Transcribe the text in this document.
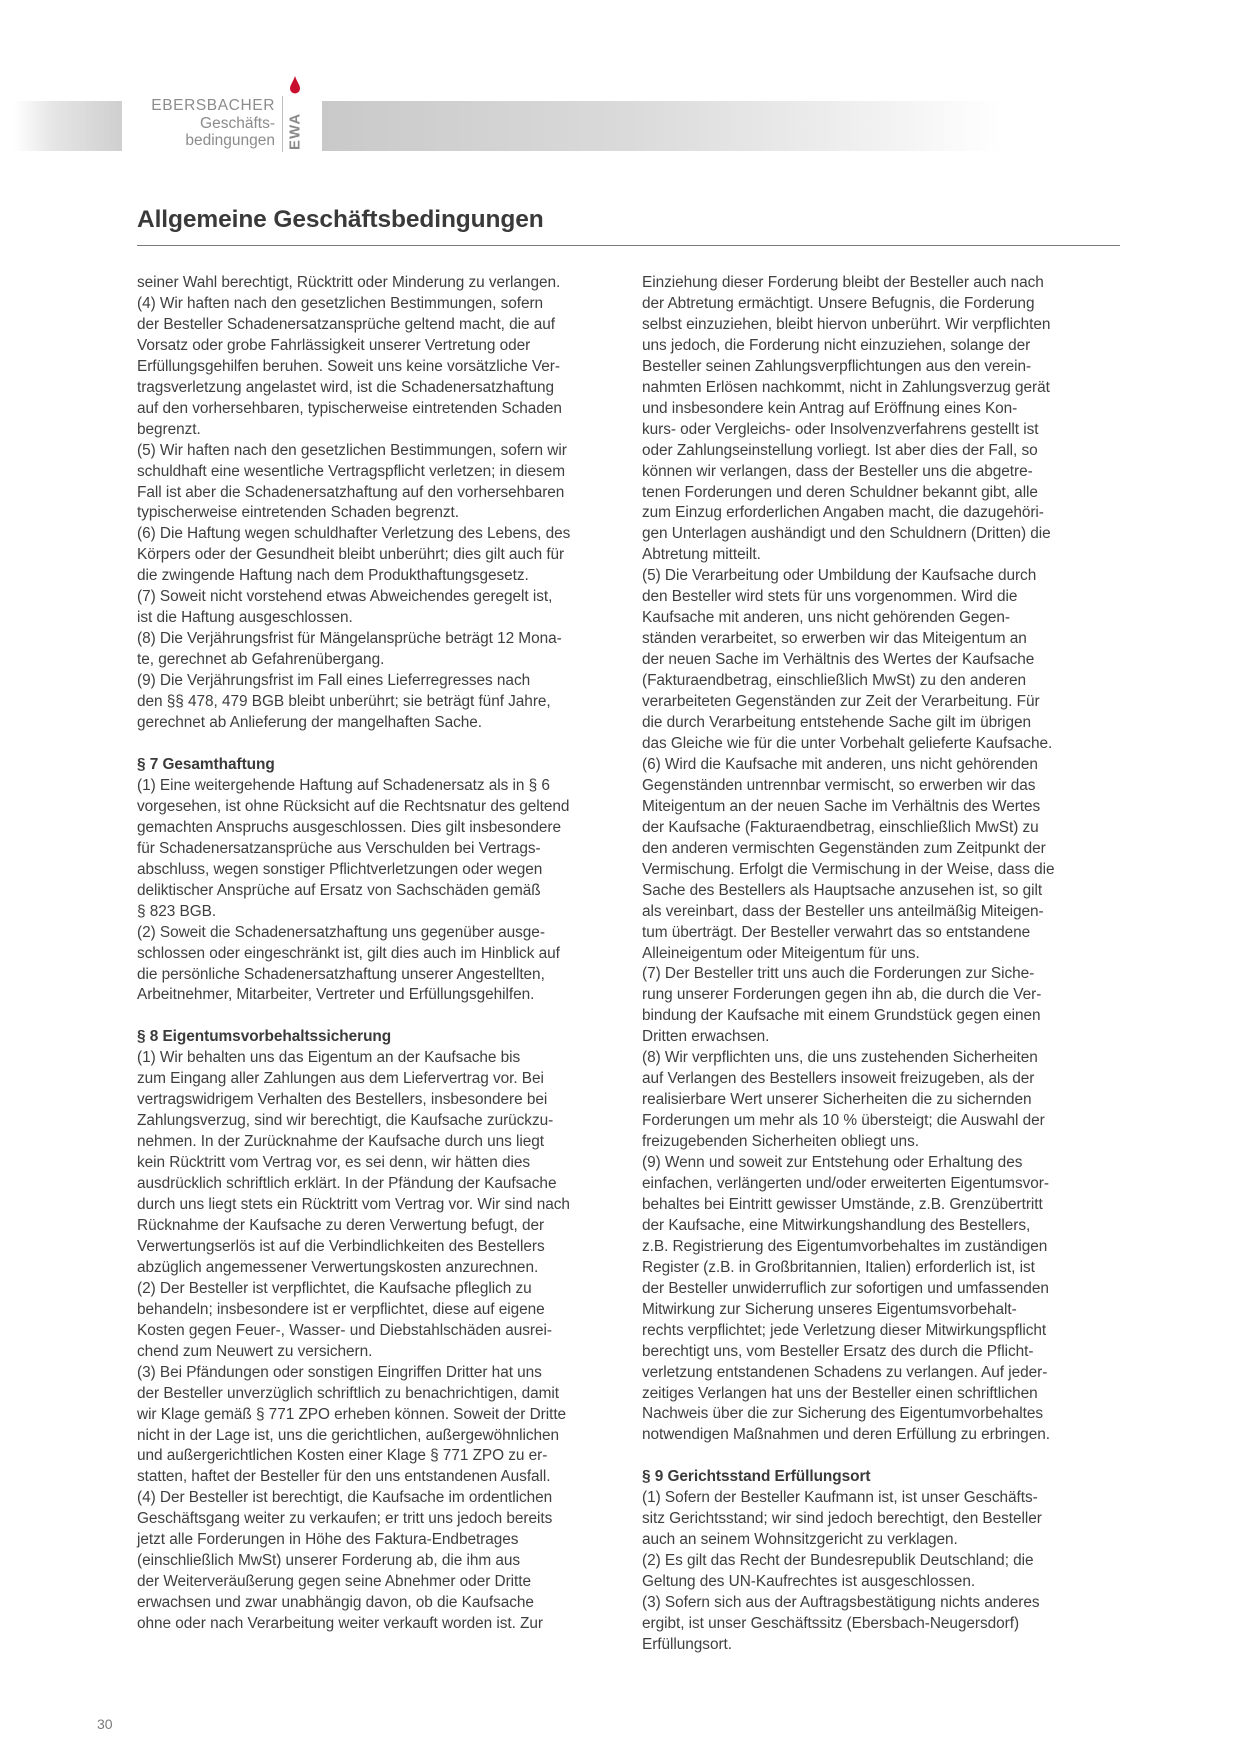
EBERSBACHER
Geschäfts-
bedingungen EWA
Allgemeine Geschäftsbedingungen

seiner Wahl berechtigt, Rücktritt oder Minderung zu verlangen.
(4) Wir haften nach den gesetzlichen Bestimmungen, sofern
der Besteller Schadenersatzansprüche geltend macht, die auf
Vorsatz oder grobe Fahrlässigkeit unserer Vertretung oder
Erfüllungsgehilfen beruhen. Soweit uns keine vorsätzliche Ver-
tragsverletzung angelastet wird, ist die Schadenersatzhaftung
auf den vorhersehbaren, typischerweise eintretenden Schaden
begrenzt.
(5) Wir haften nach den gesetzlichen Bestimmungen, sofern wir
schuldhaft eine wesentliche Vertragspflicht verletzen; in diesem
Fall ist aber die Schadenersatzhaftung auf den vorhersehbaren
typischerweise eintretenden Schaden begrenzt.
(6) Die Haftung wegen schuldhafter Verletzung des Lebens, des
Körpers oder der Gesundheit bleibt unberührt; dies gilt auch für
die zwingende Haftung nach dem Produkthaftungsgesetz.
(7) Soweit nicht vorstehend etwas Abweichendes geregelt ist,
ist die Haftung ausgeschlossen.
(8) Die Verjährungsfrist für Mängelansprüche beträgt 12 Mona-
te, gerechnet ab Gefahrenübergang.
(9) Die Verjährungsfrist im Fall eines Lieferregresses nach
den §§ 478, 479 BGB bleibt unberührt; sie beträgt fünf Jahre,
gerechnet ab Anlieferung der mangelhaften Sache.

§ 7 Gesamthaftung

(1) Eine weitergehende Haftung auf Schadenersatz als in § 6
vorgesehen, ist ohne Rücksicht auf die Rechtsnatur des geltend
gemachten Anspruchs ausgeschlossen. Dies gilt insbesondere
für Schadenersatzansprüche aus Verschulden bei Vertrags-
abschluss, wegen sonstiger Pflichtverletzungen oder wegen
deliktischer Ansprüche auf Ersatz von Sachschäden gemäß
§ 823 BGB.
(2) Soweit die Schadenersatzhaftung uns gegenüber ausge-
schlossen oder eingeschränkt ist, gilt dies auch im Hinblick auf
die persönliche Schadenersatzhaftung unserer Angestellten,
Arbeitnehmer, Mitarbeiter, Vertreter und Erfüllungsgehilfen.

§ 8 Eigentumsvorbehaltssicherung

(1) Wir behalten uns das Eigentum an der Kaufsache bis
zum Eingang aller Zahlungen aus dem Liefervertrag vor. Bei
vertragswidrigem Verhalten des Bestellers, insbesondere bei
Zahlungsverzug, sind wir berechtigt, die Kaufsache zurückzu-
nehmen. In der Zurücknahme der Kaufsache durch uns liegt
kein Rücktritt vom Vertrag vor, es sei denn, wir hätten dies
ausdrücklich schriftlich erklärt. In der Pfändung der Kaufsache
durch uns liegt stets ein Rücktritt vom Vertrag vor. Wir sind nach
Rücknahme der Kaufsache zu deren Verwertung befugt, der
Verwertungserlös ist auf die Verbindlichkeiten des Bestellers
abzüglich angemessener Verwertungskosten anzurechnen.
(2) Der Besteller ist verpflichtet, die Kaufsache pfleglich zu
behandeln; insbesondere ist er verpflichtet, diese auf eigene
Kosten gegen Feuer-, Wasser- und Diebstahlschäden ausrei-
chend zum Neuwert zu versichern.
(3) Bei Pfändungen oder sonstigen Eingriffen Dritter hat uns
der Besteller unverzüglich schriftlich zu benachrichtigen, damit
wir Klage gemäß § 771 ZPO erheben können. Soweit der Dritte
nicht in der Lage ist, uns die gerichtlichen, außergewöhnlichen
und außergerichtlichen Kosten einer Klage § 771 ZPO zu er-
statten, haftet der Besteller für den uns entstandenen Ausfall.
(4) Der Besteller ist berechtigt, die Kaufsache im ordentlichen
Geschäftsgang weiter zu verkaufen; er tritt uns jedoch bereits
jetzt alle Forderungen in Höhe des Faktura-Endbetrages
(einschließlich MwSt) unserer Forderung ab, die ihm aus
der Weiterveräußerung gegen seine Abnehmer oder Dritte
erwachsen und zwar unabhängig davon, ob die Kaufsache
ohne oder nach Verarbeitung weiter verkauft worden ist. Zur

Einziehung dieser Forderung bleibt der Besteller auch nach
der Abtretung ermächtigt. Unsere Befugnis, die Forderung
selbst einzuziehen, bleibt hiervon unberührt. Wir verpflichten
uns jedoch, die Forderung nicht einzuziehen, solange der
Besteller seinen Zahlungsverpflichtungen aus den verein-
nahmten Erlösen nachkommt, nicht in Zahlungsverzug gerät
und insbesondere kein Antrag auf Eröffnung eines Kon-
kurs- oder Vergleichs- oder Insolvenzverfahrens gestellt ist
oder Zahlungseinstellung vorliegt. Ist aber dies der Fall, so
können wir verlangen, dass der Besteller uns die abgetre-
tenen Forderungen und deren Schuldner bekannt gibt, alle
zum Einzug erforderlichen Angaben macht, die dazugehöri-
gen Unterlagen aushändigt und den Schuldnern (Dritten) die
Abtretung mitteilt.
(5) Die Verarbeitung oder Umbildung der Kaufsache durch
den Besteller wird stets für uns vorgenommen. Wird die
Kaufsache mit anderen, uns nicht gehörenden Gegen-
ständen verarbeitet, so erwerben wir das Miteigentum an
der neuen Sache im Verhältnis des Wertes der Kaufsache
(Fakturaendbetrag, einschließlich MwSt) zu den anderen
verarbeiteten Gegenständen zur Zeit der Verarbeitung. Für
die durch Verarbeitung entstehende Sache gilt im übrigen
das Gleiche wie für die unter Vorbehalt gelieferte Kaufsache.
(6) Wird die Kaufsache mit anderen, uns nicht gehörenden
Gegenständen untrennbar vermischt, so erwerben wir das
Miteigentum an der neuen Sache im Verhältnis des Wertes
der Kaufsache (Fakturaendbetrag, einschließlich MwSt) zu
den anderen vermischten Gegenständen zum Zeitpunkt der
Vermischung. Erfolgt die Vermischung in der Weise, dass die
Sache des Bestellers als Hauptsache anzusehen ist, so gilt
als vereinbart, dass der Besteller uns anteilmäßig Miteigen-
tum überträgt. Der Besteller verwahrt das so entstandene
Alleineigentum oder Miteigentum für uns.
(7) Der Besteller tritt uns auch die Forderungen zur Siche-
rung unserer Forderungen gegen ihn ab, die durch die Ver-
bindung der Kaufsache mit einem Grundstück gegen einen
Dritten erwachsen.
(8) Wir verpflichten uns, die uns zustehenden Sicherheiten
auf Verlangen des Bestellers insoweit freizugeben, als der
realisierbare Wert unserer Sicherheiten die zu sichernden
Forderungen um mehr als 10 % übersteigt; die Auswahl der
freizugebenden Sicherheiten obliegt uns.
(9) Wenn und soweit zur Entstehung oder Erhaltung des
einfachen, verlängerten und/oder erweiterten Eigentumsvor-
behaltes bei Eintritt gewisser Umstände, z.B. Grenzübertritt
der Kaufsache, eine Mitwirkungshandlung des Bestellers,
z.B. Registrierung des Eigentumvorbehaltes im zuständigen
Register (z.B. in Großbritannien, Italien) erforderlich ist, ist
der Besteller unwiderruflich zur sofortigen und umfassenden
Mitwirkung zur Sicherung unseres Eigentumsvorbehalt-
rechts verpflichtet; jede Verletzung dieser Mitwirkungspflicht
berechtigt uns, vom Besteller Ersatz des durch die Pflicht-
verletzung entstandenen Schadens zu verlangen. Auf jeder-
zeitiges Verlangen hat uns der Besteller einen schriftlichen
Nachweis über die zur Sicherung des Eigentumvorbehaltes
notwendigen Maßnahmen und deren Erfüllung zu erbringen.

§ 9 Gerichtsstand Erfüllungsort

(1) Sofern der Besteller Kaufmann ist, ist unser Geschäfts-
sitz Gerichtsstand; wir sind jedoch berechtigt, den Besteller
auch an seinem Wohnsitzgericht zu verklagen.
(2) Es gilt das Recht der Bundesrepublik Deutschland; die
Geltung des UN-Kaufrechtes ist ausgeschlossen.
(3) Sofern sich aus der Auftragsbestätigung nichts anderes
ergibt, ist unser Geschäftssitz (Ebersbach-Neugersdorf)
Erfüllungsort.

30
